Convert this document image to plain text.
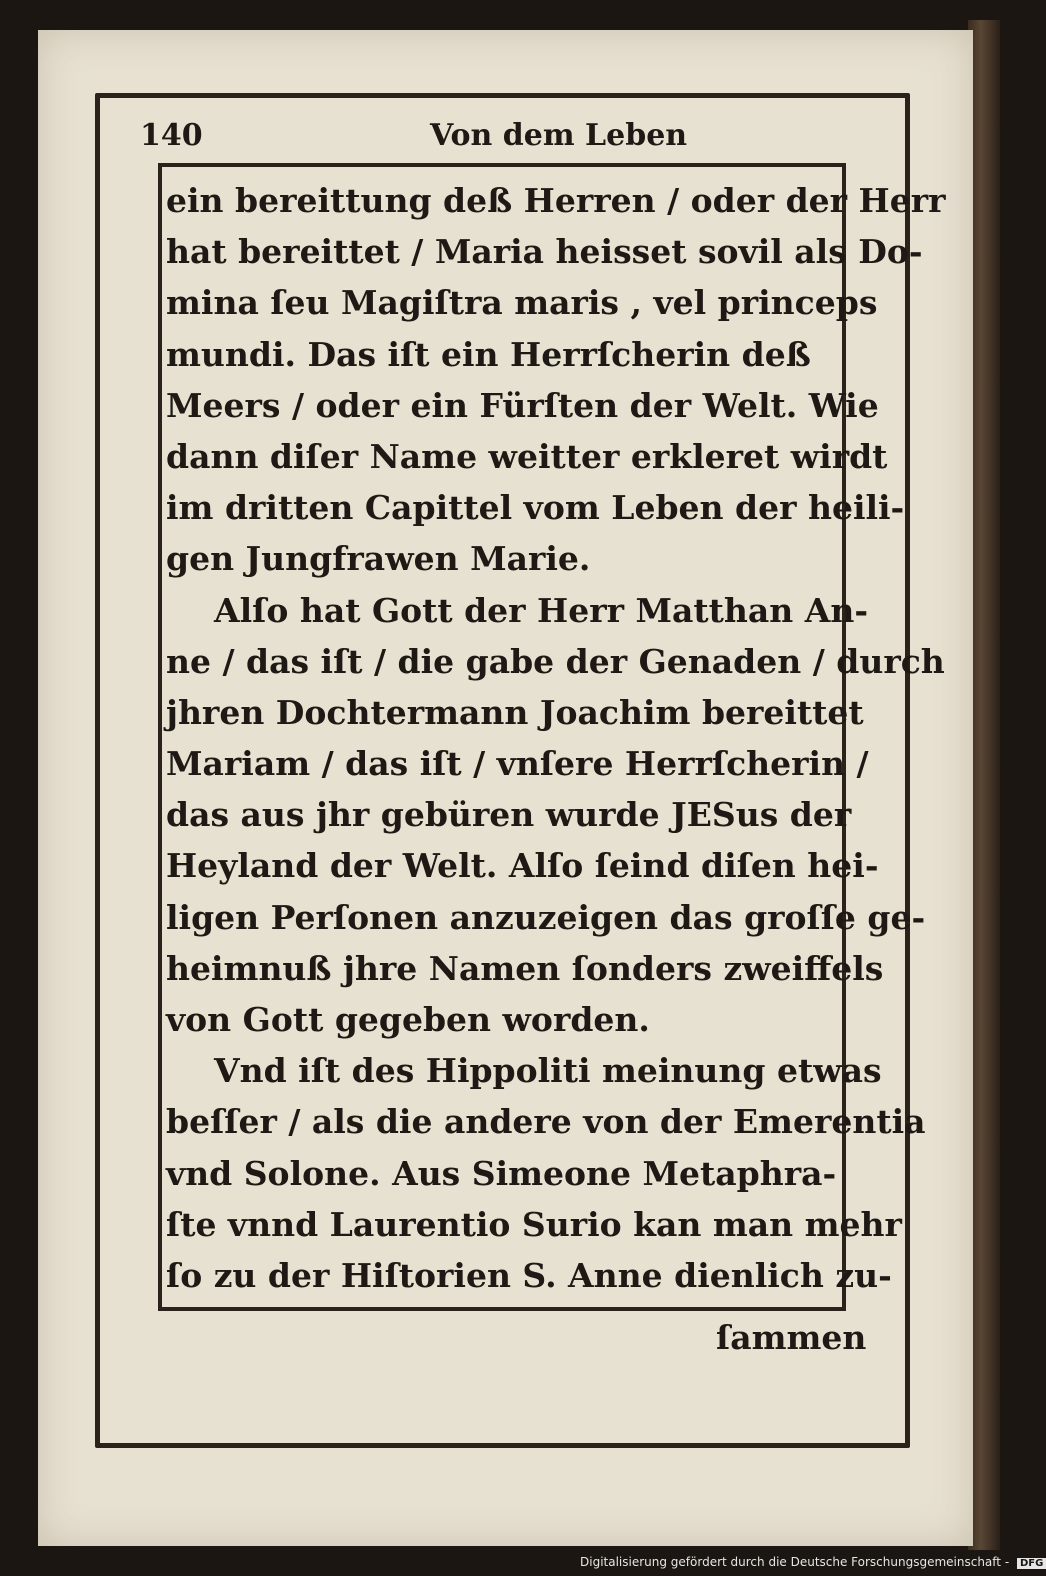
140	Von dem Leben
ein bereittung deß Herren / oder der Herr
hat bereittet / Maria heisset sovil als Do-
mina ſeu Magiſtra maris , vel princeps
mundi. Das iſt ein Herrſcherin deß
Meers / oder ein Fürſten der Welt. Wie
dann diſer Name weitter erkleret wirdt
im dritten Capittel vom Leben der heili-
gen Jungfrawen Marie.
Alſo hat Gott der Herr Matthan An-
ne / das iſt / die gabe der Genaden / durch
jhren Dochtermann Joachim bereittet
Mariam / das iſt / vnſere Herrſcherin /
das aus jhr gebüren wurde JESus der
Heyland der Welt. Alſo ſeind diſen hei-
ligen Perſonen anzuzeigen das groſſe ge-
heimnuß jhre Namen ſonders zweiffels
von Gott gegeben worden.
Vnd iſt des Hippoliti meinung etwas
beſſer / als die andere von der Emerentia
vnd Solone. Aus Simeone Metaphra-
ſte vnnd Laurentio Surio kan man mehr
ſo zu der Hiſtorien S. Anne dienlich zu-
ſammen
Digitalisierung gefördert durch die Deutsche Forschungsgemeinschaft - DFG
